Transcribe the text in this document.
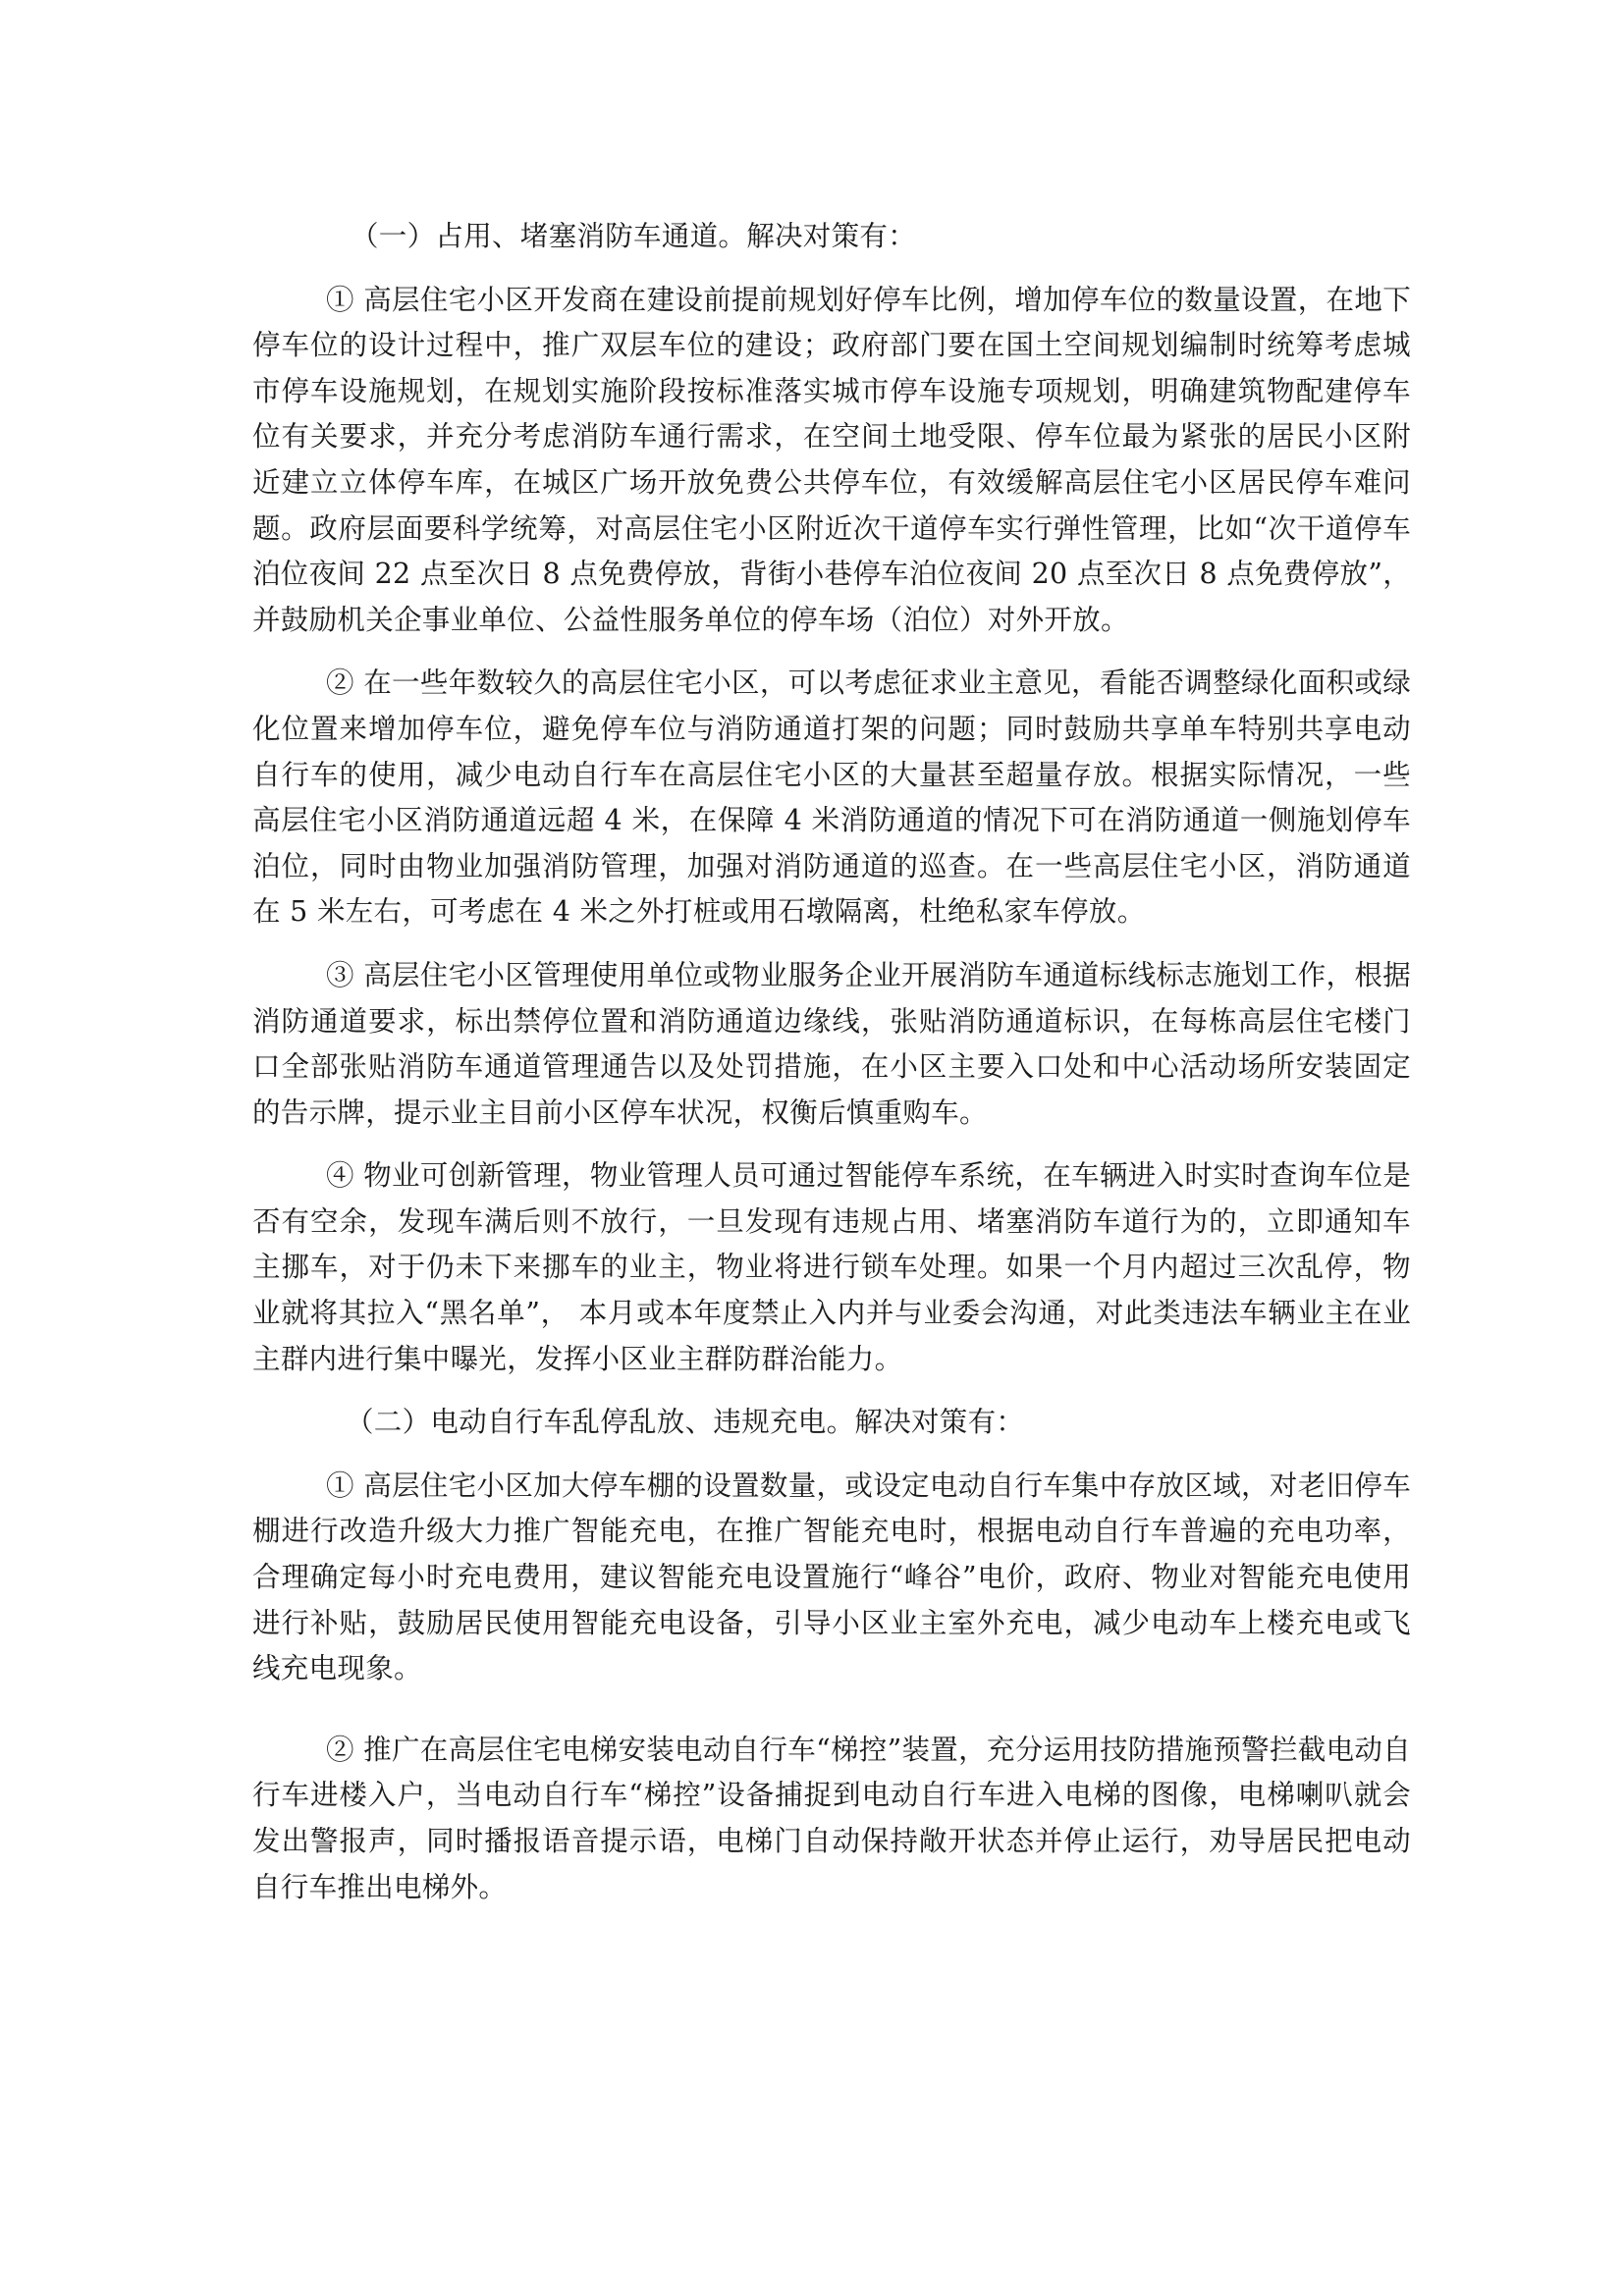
（一）占用、堵塞消防车通道。解决对策有：

① 高层住宅小区开发商在建设前提前规划好停车比例，增加停车位的数量设置，在地下停车位的设计过程中，推广双层车位的建设；政府部门要在国土空间规划编制时统筹考虑城市停车设施规划，在规划实施阶段按标准落实城市停车设施专项规划，明确建筑物配建停车位有关要求，并充分考虑消防车通行需求，在空间土地受限、停车位最为紧张的居民小区附近建立立体停车库，在城区广场开放免费公共停车位，有效缓解高层住宅小区居民停车难问题。政府层面要科学统筹，对高层住宅小区附近次干道停车实行弹性管理，比如“次干道停车泊位夜间 22 点至次日 8 点免费停放，背街小巷停车泊位夜间 20 点至次日 8 点免费停放”，并鼓励机关企事业单位、公益性服务单位的停车场（泊位）对外开放。

② 在一些年数较久的高层住宅小区，可以考虑征求业主意见，看能否调整绿化面积或绿化位置来增加停车位，避免停车位与消防通道打架的问题；同时鼓励共享单车特别共享电动自行车的使用，减少电动自行车在高层住宅小区的大量甚至超量存放。根据实际情况，一些高层住宅小区消防通道远超 4 米，在保障 4 米消防通道的情况下可在消防通道一侧施划停车泊位，同时由物业加强消防管理，加强对消防通道的巡查。在一些高层住宅小区，消防通道在 5 米左右，可考虑在 4 米之外打桩或用石墩隔离，杜绝私家车停放。

③ 高层住宅小区管理使用单位或物业服务企业开展消防车通道标线标志施划工作，根据消防通道要求，标出禁停位置和消防通道边缘线，张贴消防通道标识，在每栋高层住宅楼门口全部张贴消防车通道管理通告以及处罚措施，在小区主要入口处和中心活动场所安装固定的告示牌，提示业主目前小区停车状况，权衡后慎重购车。

④ 物业可创新管理，物业管理人员可通过智能停车系统，在车辆进入时实时查询车位是否有空余，发现车满后则不放行，一旦发现有违规占用、堵塞消防车道行为的，立即通知车主挪车，对于仍未下来挪车的业主，物业将进行锁车处理。如果一个月内超过三次乱停，物业就将其拉入“黑名单”， 本月或本年度禁止入内并与业委会沟通，对此类违法车辆业主在业主群内进行集中曝光，发挥小区业主群防群治能力。

（二）电动自行车乱停乱放、违规充电。解决对策有：

① 高层住宅小区加大停车棚的设置数量，或设定电动自行车集中存放区域，对老旧停车棚进行改造升级大力推广智能充电，在推广智能充电时，根据电动自行车普遍的充电功率，合理确定每小时充电费用，建议智能充电设置施行“峰谷”电价，政府、物业对智能充电使用进行补贴，鼓励居民使用智能充电设备，引导小区业主室外充电，减少电动车上楼充电或飞线充电现象。

② 推广在高层住宅电梯安装电动自行车“梯控”装置，充分运用技防措施预警拦截电动自行车进楼入户，当电动自行车“梯控”设备捕捉到电动自行车进入电梯的图像，电梯喇叭就会发出警报声，同时播报语音提示语，电梯门自动保持敞开状态并停止运行，劝导居民把电动自行车推出电梯外。
